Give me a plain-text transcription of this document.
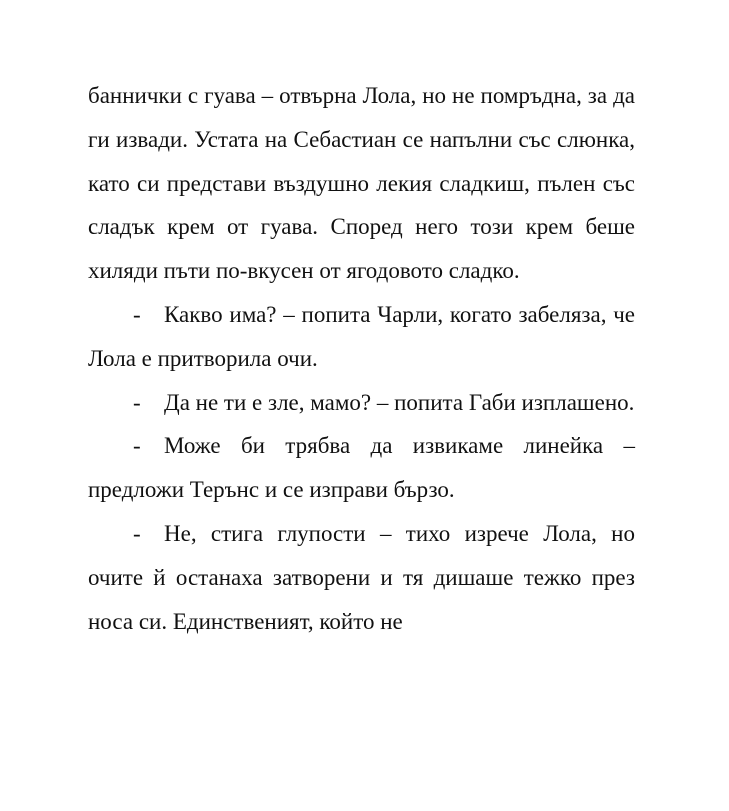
баннички с гуава – отвърна Лола, но не помръдна, за да ги извади. Устата на Себастиан се напълни със слюнка, като си представи въздушно лекия сладкиш, пълен със сладък крем от гуава. Според него този крем беше хиляди пъти по-вкусен от ягодовото сладко.

- Какво има? – попита Чарли, когато забеляза, че Лола е притворила очи.

- Да не ти е зле, мамо? – попита Габи изплашено.

- Може би трябва да извикаме линейка – предложи Терънс и се изправи бързо.

- Не, стига глупости – тихо изрече Лола, но очите й останаха затворени и тя дишаше тежко през носа си. Единственият, който не
